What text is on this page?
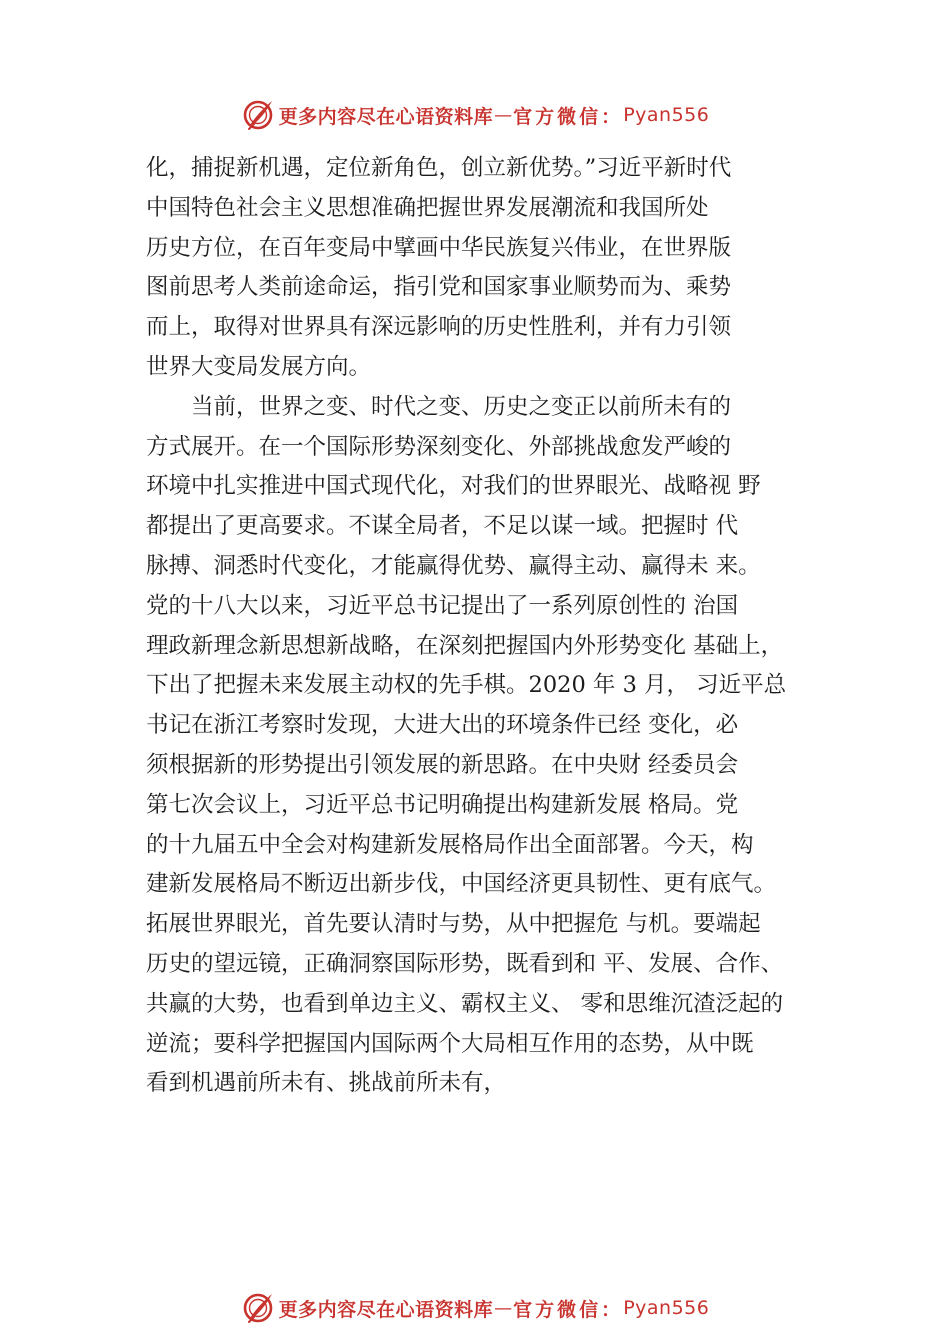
更多内容尽在心语资料库 — 官方微信： Pyan556
化，捕捉新机遇，定位新角色，创立新优势。”习近平新时代
中国特色社会主义思想准确把握世界发展潮流和我国所处
历史方位，在百年变局中擘画中华民族复兴伟业，在世界版
图前思考人类前途命运，指引党和国家事业顺势而为、乘势
而上，取得对世界具有深远影响的历史性胜利，并有力引领
世界大变局发展方向。
　　当前，世界之变、时代之变、历史之变正以前所未有的
方式展开。在一个国际形势深刻变化、外部挑战愈发严峻的
环境中扎实推进中国式现代化，对我们的世界眼光、战略视 野
都提出了更高要求。不谋全局者，不足以谋一域。把握时 代
脉搏、洞悉时代变化，才能赢得优势、赢得主动、赢得未 来。
党的十八大以来，习近平总书记提出了一系列原创性的 治国
理政新理念新思想新战略，在深刻把握国内外形势变化 基础上，
下出了把握未来发展主动权的先手棋。2020 年 3 月， 习近平总
书记在浙江考察时发现，大进大出的环境条件已经 变化，必
须根据新的形势提出引领发展的新思路。在中央财 经委员会
第七次会议上，习近平总书记明确提出构建新发展 格局。党
的十九届五中全会对构建新发展格局作出全面部署。今天，构
建新发展格局不断迈出新步伐，中国经济更具韧性、更有底气。
拓展世界眼光，首先要认清时与势，从中把握危 与机。要端起
历史的望远镜，正确洞察国际形势，既看到和 平、发展、合作、
共赢的大势，也看到单边主义、霸权主义、 零和思维沉渣泛起的
逆流；要科学把握国内国际两个大局相互作用的态势，从中既
看到机遇前所未有、挑战前所未有，
更多内容尽在心语资料库 — 官方微信： Pyan556
